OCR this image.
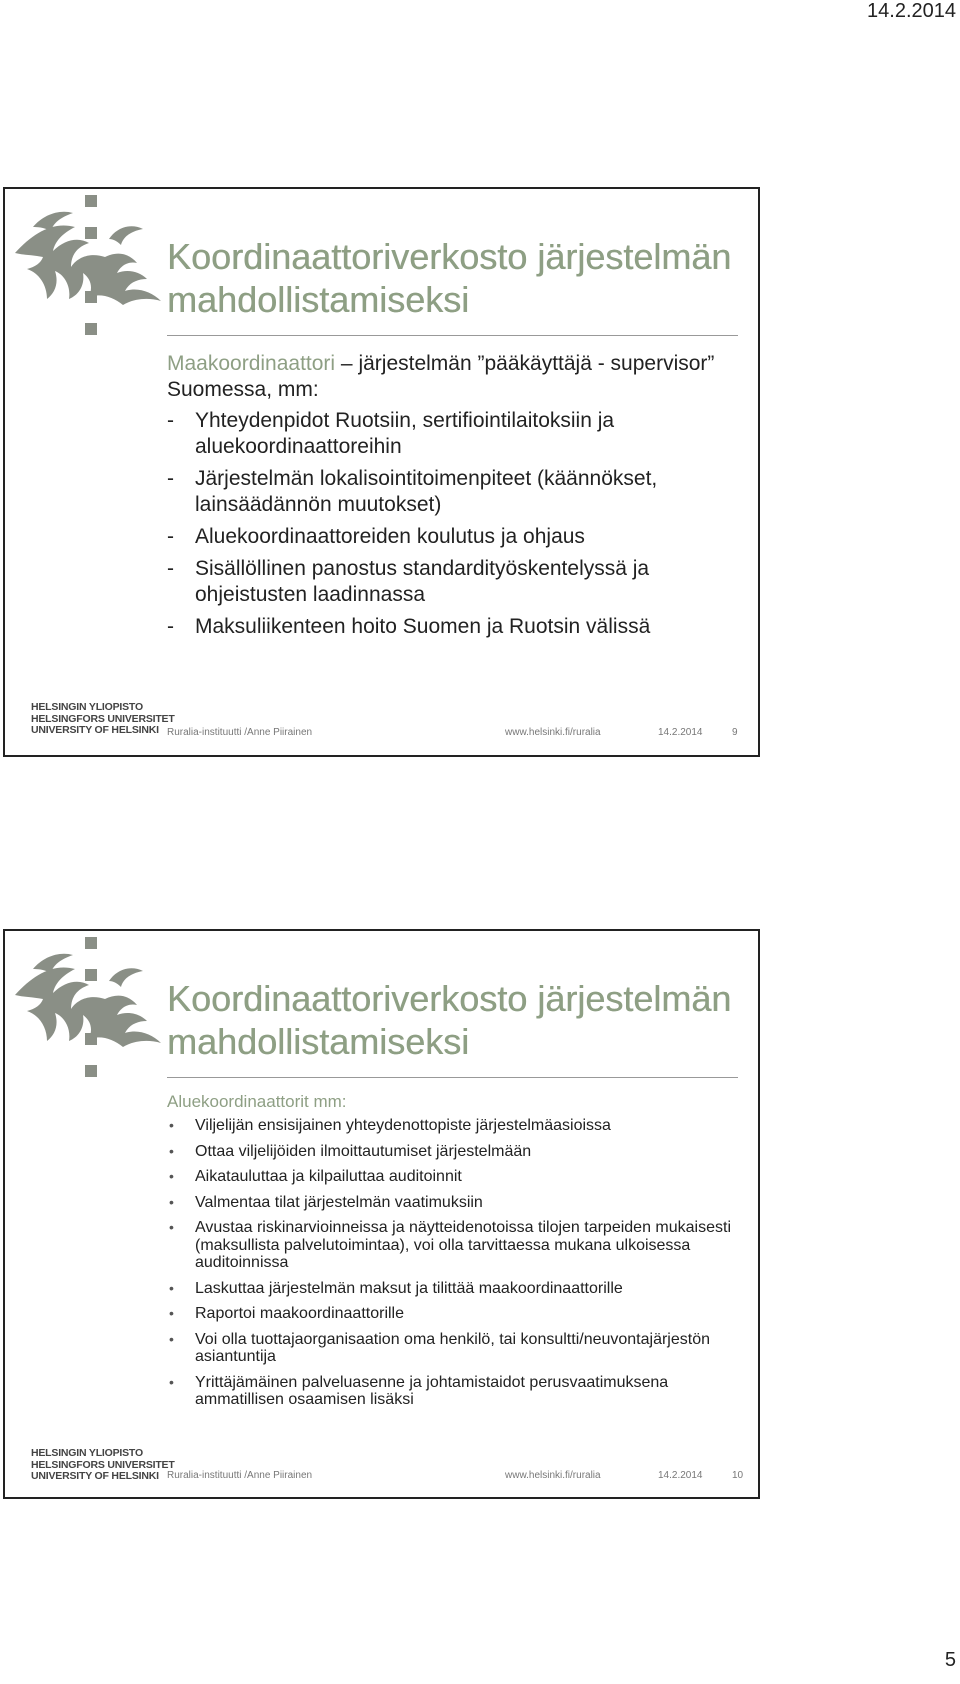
14.2.2014
Koordinaattoriverkosto järjestelmän mahdollistamiseksi

Maakoordinaattori – järjestelmän ”pääkäyttäjä - supervisor” Suomessa, mm:

- Yhteydenpidot Ruotsiin, sertifiointilaitoksiin ja aluekoordinaattoreihin
- Järjestelmän lokalisointitoimenpiteet (käännökset, lainsäädännön muutokset)
- Aluekoordinaattoreiden koulutus ja ohjaus
- Sisällöllinen panostus standardityöskentelyssä ja ohjeistusten laadinnassa
- Maksuliikenteen hoito Suomen ja Ruotsin välissä
HELSINGIN YLIOPISTO
HELSINGFORS UNIVERSITET
UNIVERSITY OF HELSINKI Ruralia-instituutti /Anne Piirainen	www.helsinki.fi/ruralia	14.2.2014	9
Koordinaattoriverkosto järjestelmän mahdollistamiseksi

Aluekoordinaattorit mm:

• Viljelijän ensisijainen yhteydenottopiste järjestelmäasioissa
• Ottaa viljelijöiden ilmoittautumiset järjestelmään
• Aikatauluttaa ja kilpailuttaa auditoinnit
• Valmentaa tilat järjestelmän vaatimuksiin
• Avustaa riskinarvioinneissa ja näytteidenotoissa tilojen tarpeiden mukaisesti (maksullista palvelutoimintaa), voi olla tarvittaessa mukana ulkoisessa auditoinnissa
• Laskuttaa järjestelmän maksut ja tilittää maakoordinaattorille
• Raportoi maakoordinaattorille
• Voi olla tuottajaorganisaation oma henkilö, tai konsultti/neuvontajärjestön asiantuntija
• Yrittäjämäinen palveluasenne ja johtamistaidot perusvaatimuksena ammatillisen osaamisen lisäksi
HELSINGIN YLIOPISTO
HELSINGFORS UNIVERSITET
UNIVERSITY OF HELSINKI Ruralia-instituutti /Anne Piirainen	www.helsinki.fi/ruralia	14.2.2014	10
5
